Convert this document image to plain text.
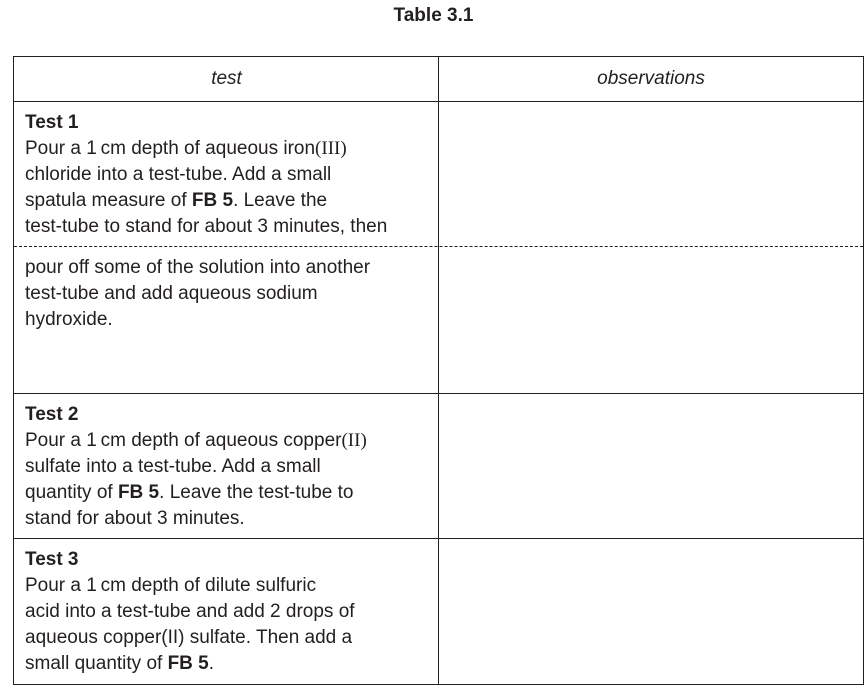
Table 3.1
test	observations

Test 1

Pour a 1 cm depth of aqueous iron(III)

chloride into a test-tube. Add a small

spatula measure of FB 5. Leave the

test-tube to stand for about 3 minutes, then

pour off some of the solution into another

test-tube and add aqueous sodium

hydroxide.

Test 2

Pour a 1 cm depth of aqueous copper(II)

sulfate into a test-tube. Add a small

quantity of FB 5. Leave the test-tube to

stand for about 3 minutes.

Test 3

Pour a 1 cm depth of dilute sulfuric

acid into a test-tube and add 2 drops of

aqueous copper(II) sulfate. Then add a

small quantity of FB 5.
